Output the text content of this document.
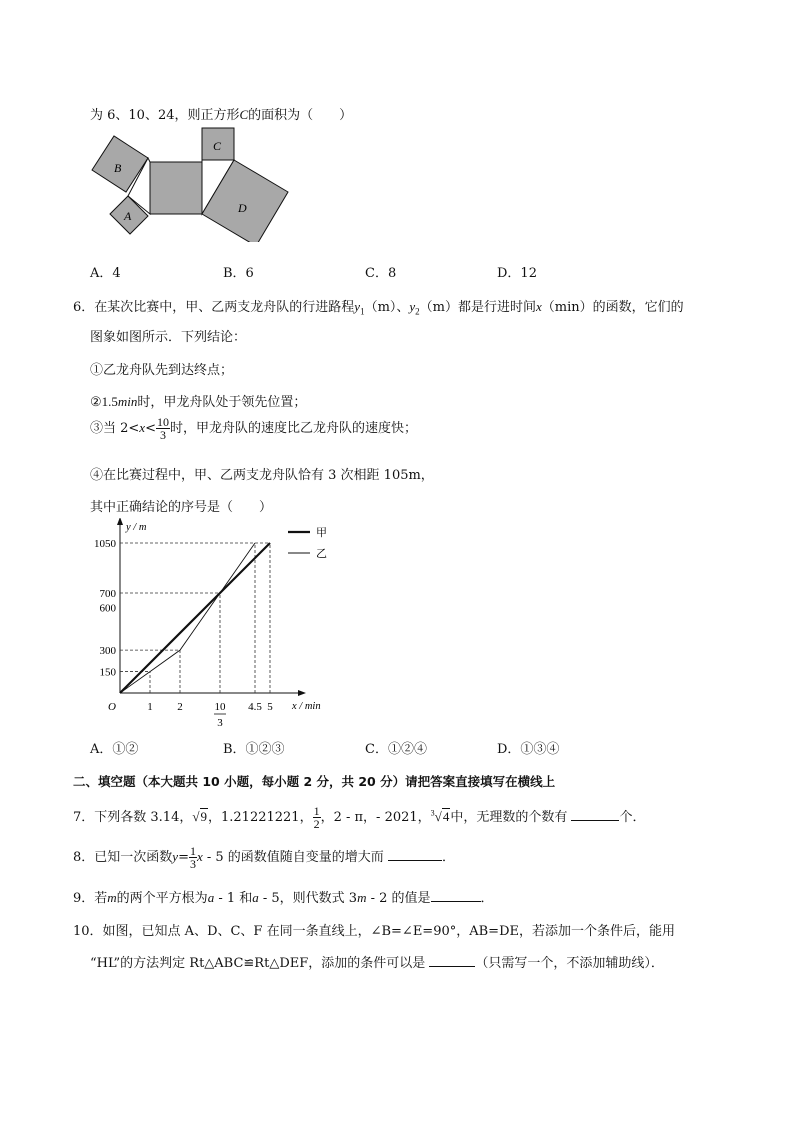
为 6、10、24，则正方形C的面积为（　　）
B
A
C
D
A．4	B．6	C．8	D．12
6．在某次比赛中，甲、乙两支龙舟队的行进路程$y_1(m)$、$y_2(m)$都是行进时间x（min）的函数，它们的
图象如图所示．下列结论：
①乙龙舟队先到达终点；
②1.5min时，甲龙舟队处于领先位置；
③当 $2<x< \frac{10}{3}$ 时，甲龙舟队的速度比乙龙舟队的速度快；
④在比赛过程中，甲、乙两支龙舟队恰有 3 次相距 105m，
其中正确结论的序号是（　　）
150
300
600
700
1050
1 2	10
3
4.5 5
O	x / min
y / m	甲
乙
A．①②	B．①②③	C．①②④	D．①③④
二、填空题（本大题共 10 小题，每小题 2 分，共 20 分）请把答案直接填写在横线上
7．下列各数 3.14，√9，1.21221221， $\frac{1}{2}$ ，2 - π，- 2021，$^3$√4中，无理数的个数有	个．
8．已知一次函数$y= \frac{1}{3}$ x - 5 的函数值随自变量的增大而	．
9．若m的两个平方根为a - 1 和a - 5，则代数式 3m - 2 的值是	．
10．如图，已知点 A、D、C、F 在同一条直线上，∠B=∠E=90°，AB=DE，若添加一个条件后，能用
“HL”的方法判定 Rt△ABC≌Rt△DEF，添加的条件可以是	（只需写一个，不添加辅助线）．
